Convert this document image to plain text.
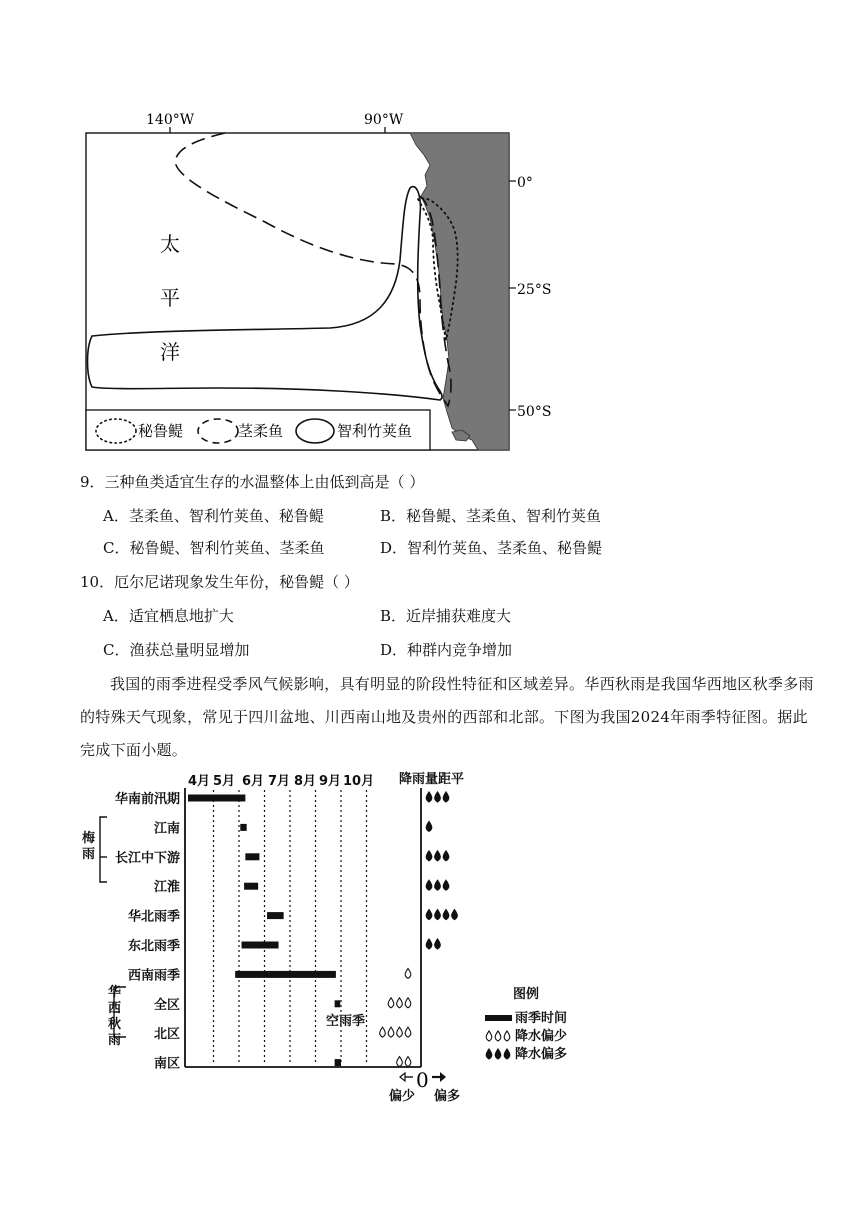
140°W	90°W
0°
25°S
50°S
太
平
洋
秘鲁鳀	茎柔鱼	智利竹荚鱼
9．三种鱼类适宜生存的水温整体上由低到高是（ ）
A．茎柔鱼、智利竹荚鱼、秘鲁鳀	B．秘鲁鳀、茎柔鱼、智利竹荚鱼
C．秘鲁鳀、智利竹荚鱼、茎柔鱼	D．智利竹荚鱼、茎柔鱼、秘鲁鳀
10．厄尔尼诺现象发生年份，秘鲁鳀（ ）
A．适宜栖息地扩大	B．近岸捕获难度大
C．渔获总量明显增加	D．种群内竞争增加
我国的雨季进程受季风气候影响，具有明显的阶段性特征和区域差异。华西秋雨是我国华西地区秋季多雨的特殊天气现象，常见于四川盆地、川西南山地及贵州的西部和北部。下图为我国2024年雨季特征图。据此完成下面小题。
4月 5月 6月 7月 8月 9月 10月 降雨量距平
梅雨
华西秋雨
空雨季
0
偏少 偏多
图例
雨季时间
降水偏少
降水偏多
华南前汛期
江南
长江中下游
江淮
华北雨季
东北雨季
西南雨季
全区
北区
南区
